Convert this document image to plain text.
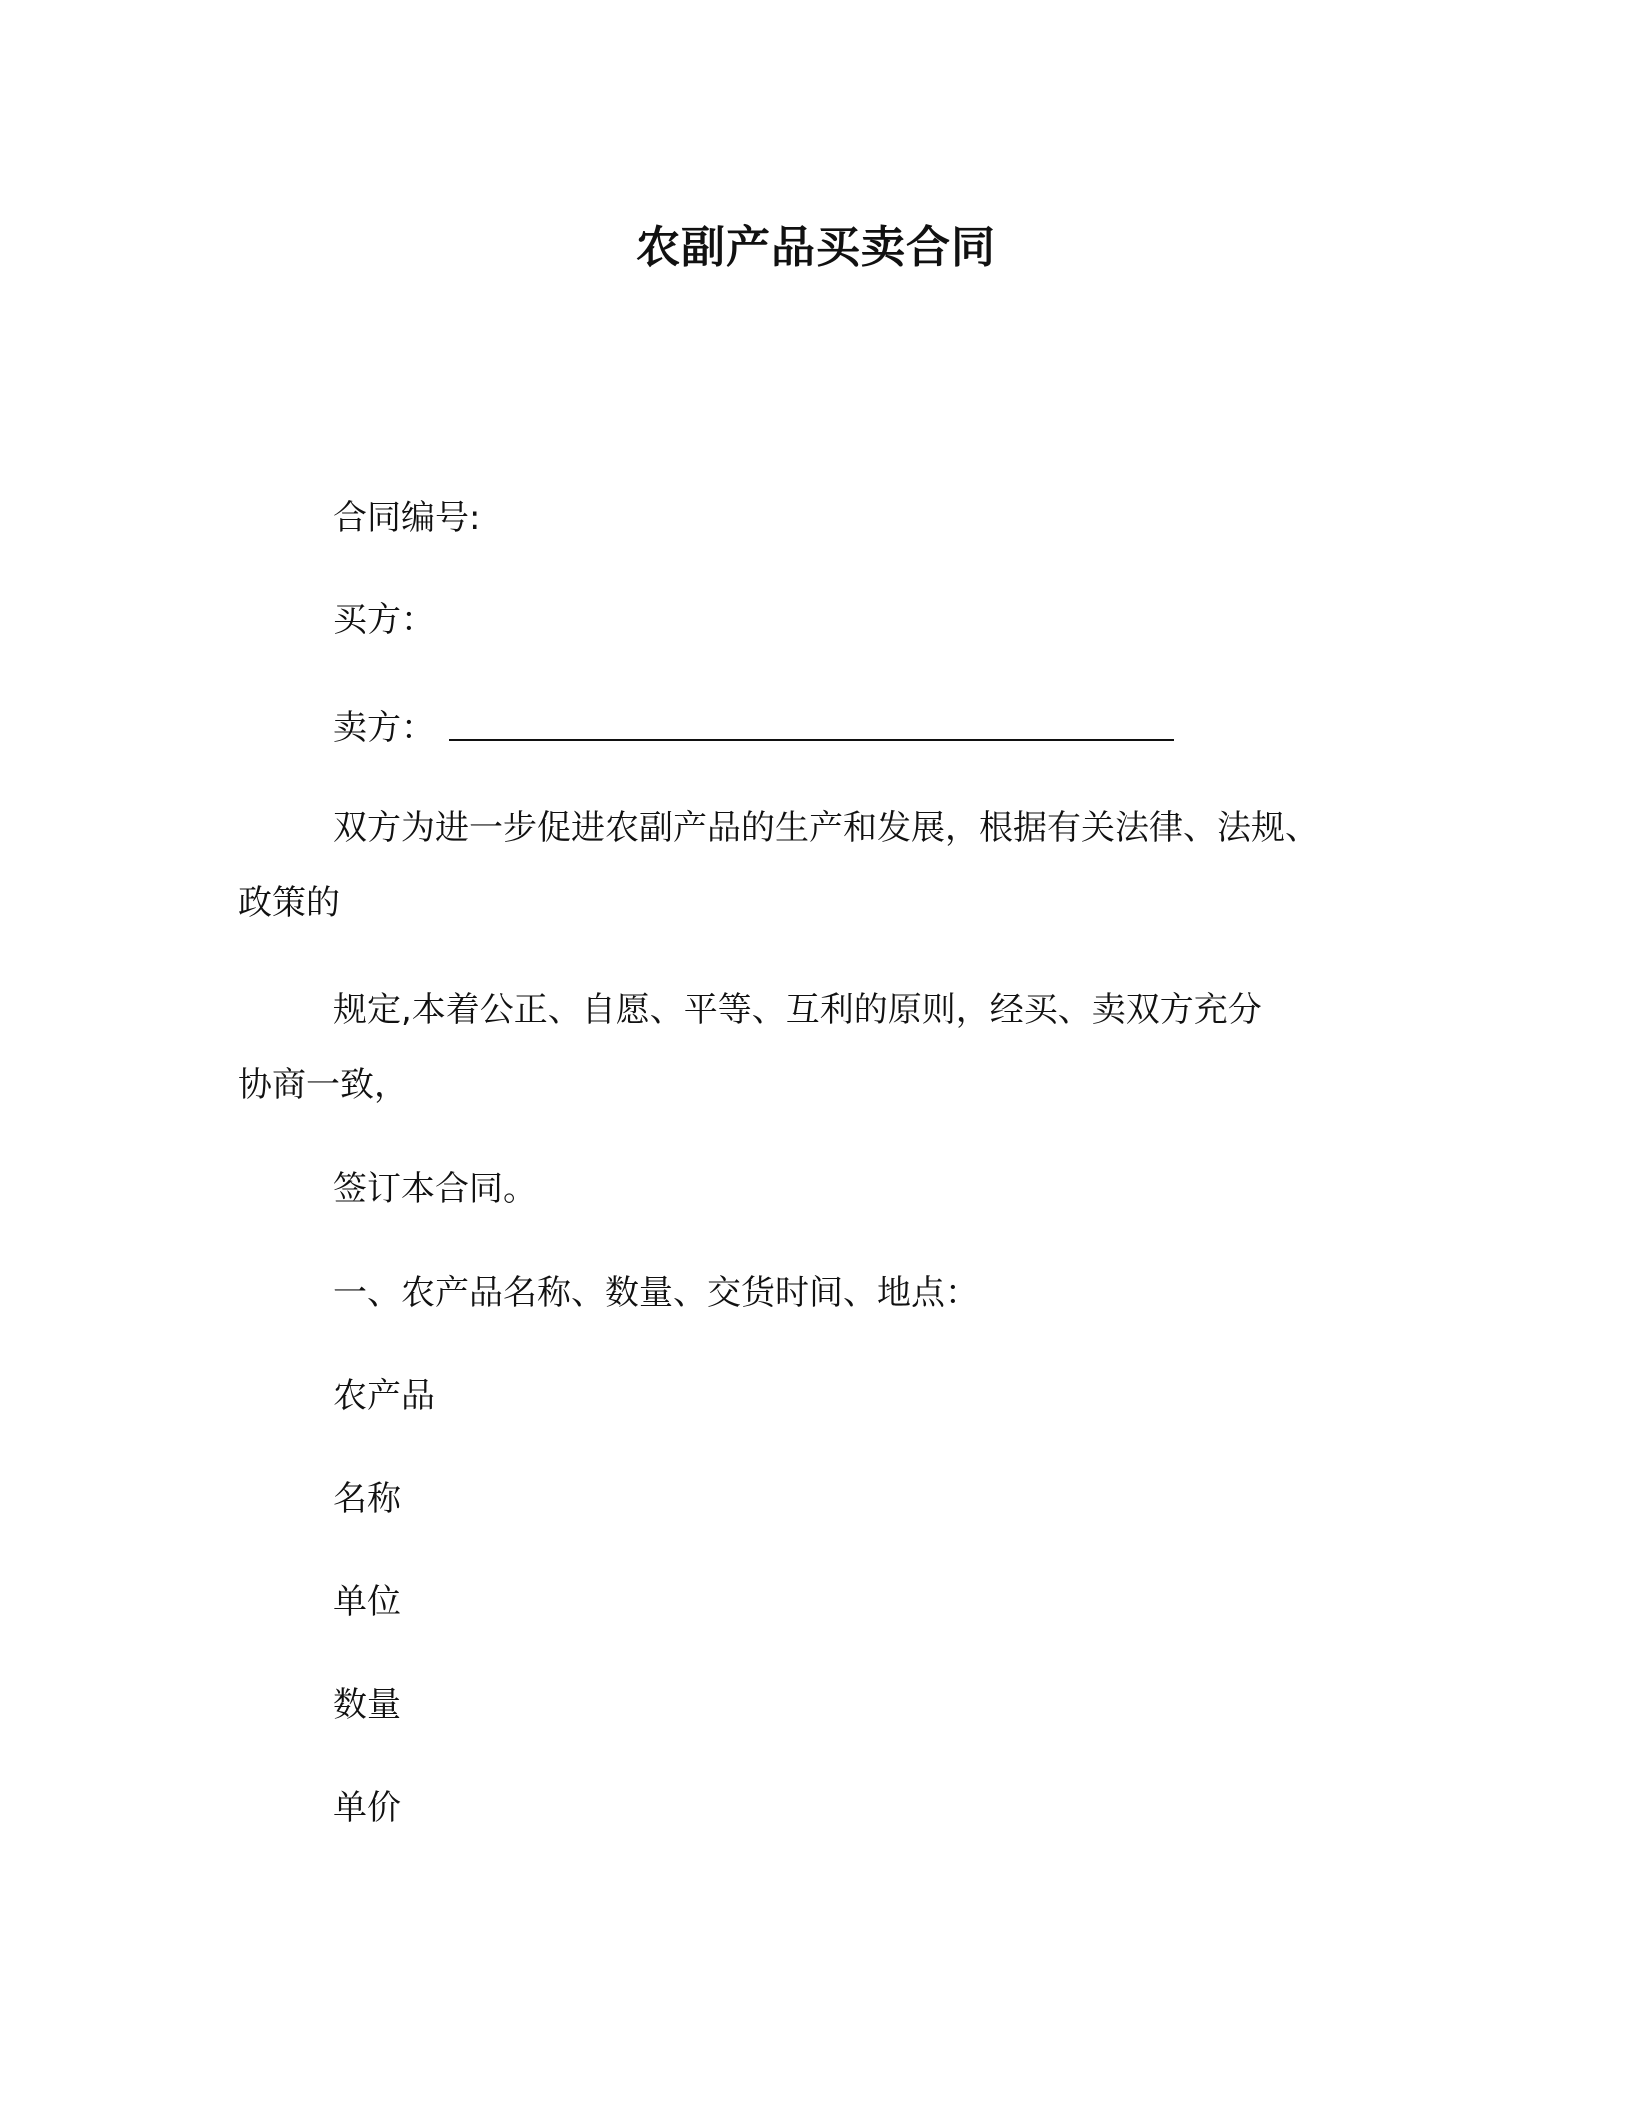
农副产品买卖合同
合同编号:
买方：
卖方：
双方为进一步促进农副产品的生产和发展，根据有关法律、法规、
政策的
规定,本着公正、自愿、平等、互利的原则，经买、卖双方充分
协商一致，
签订本合同。
一、农产品名称、数量、交货时间、地点：
农产品
名称
单位
数量
单价
